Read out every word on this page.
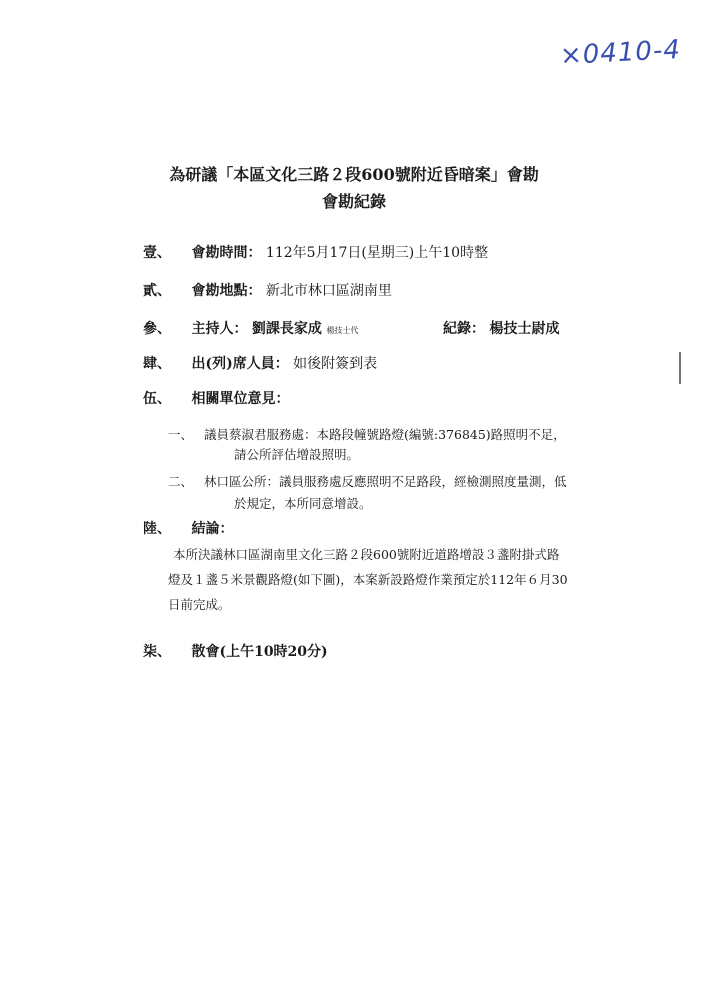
×0410-4
為研議「本區文化三路２段600號附近昏暗案」會勘
會勘紀錄
壹、 會勘時間： 112年5月17日(星期三)上午10時整
貳、 會勘地點： 新北市林口區湖南里
參、 主持人： 劉課長家成 楊技士代	紀錄： 楊技士尉成
肆、 出(列)席人員： 如後附簽到表
伍、 相關單位意見：
一、 議員蔡淑君服務處：本路段幢號路燈(編號:376845)路照明不足，
請公所評估增設照明。
二、 林口區公所：議員服務處反應照明不足路段，經檢測照度量測，低
於規定，本所同意增設。
陸、 結論：
本所決議林口區湖南里文化三路２段600號附近道路增設３盞附掛式路
燈及１盞５米景觀路燈(如下圖)，本案新設路燈作業預定於112年６月30
日前完成。
柒、 散會(上午10時20分)
